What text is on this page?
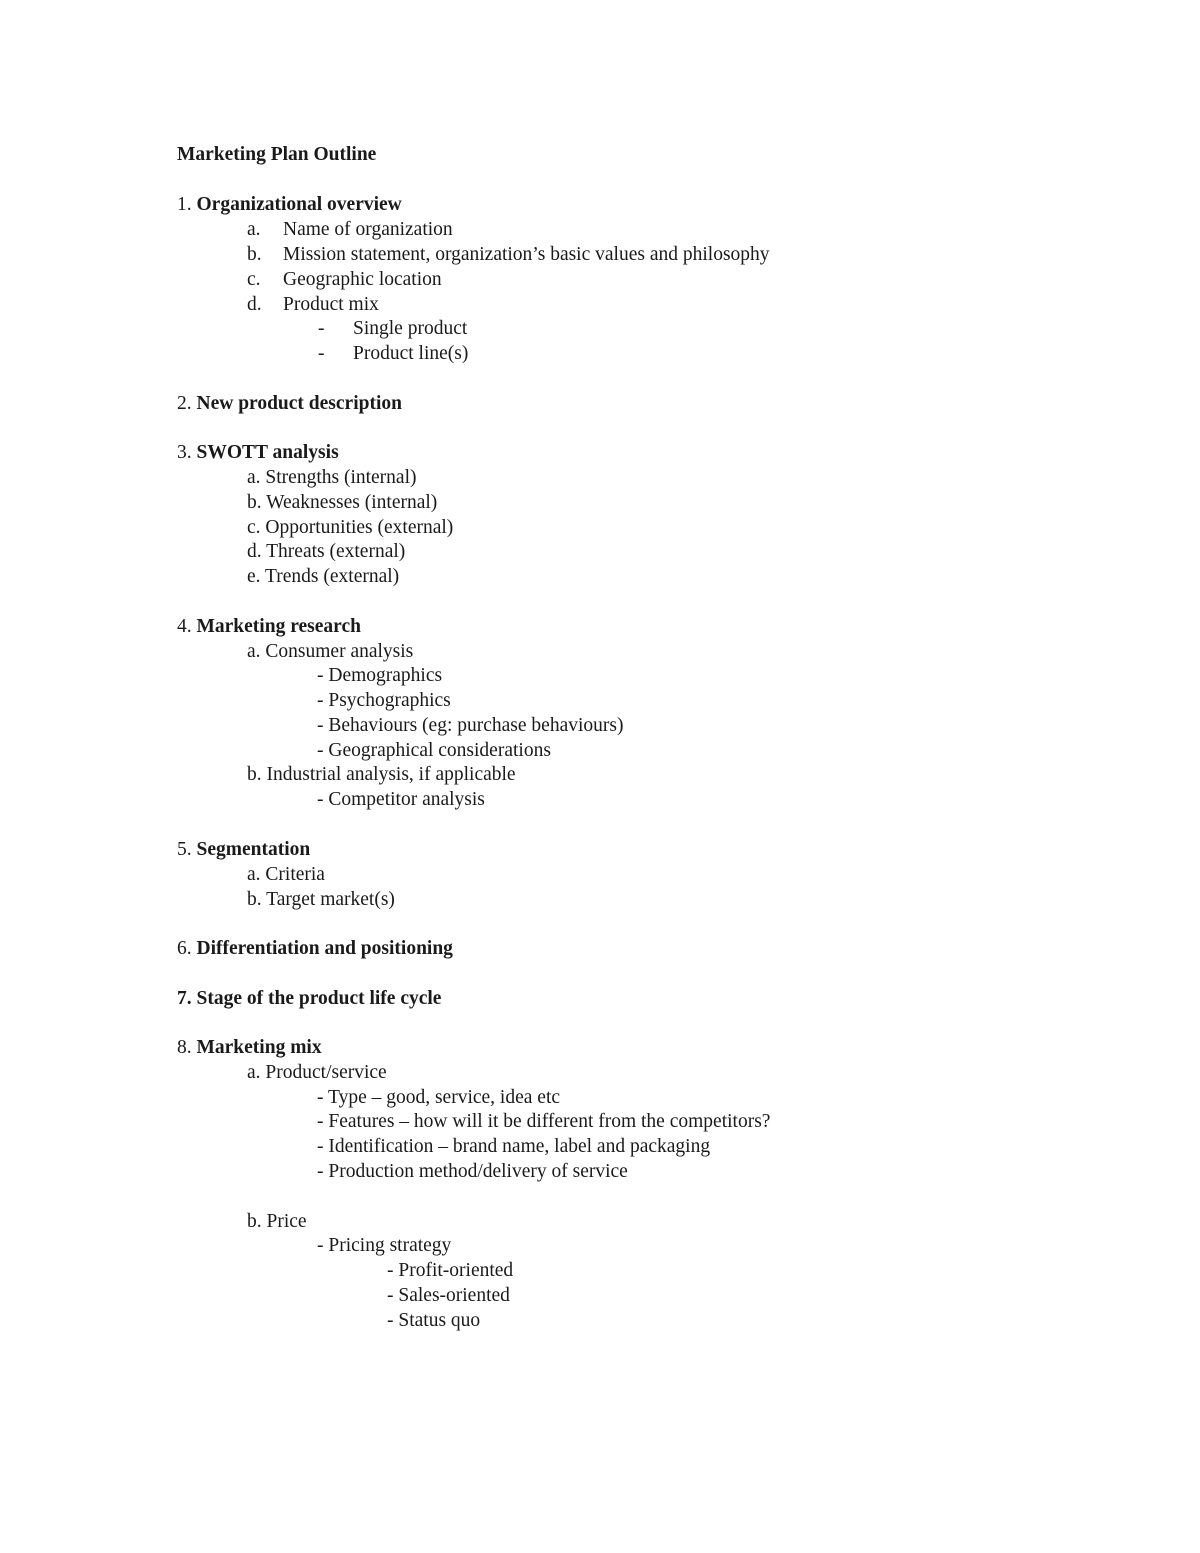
Marketing Plan Outline
1. Organizational overview
a. Name of organization
b. Mission statement, organization’s basic values and philosophy
c. Geographic location
d. Product mix
- Single product
- Product line(s)
2. New product description
3. SWOTT analysis
a. Strengths (internal)
b. Weaknesses (internal)
c. Opportunities (external)
d. Threats (external)
e. Trends (external)
4. Marketing research
a. Consumer analysis
- Demographics
- Psychographics
- Behaviours (eg: purchase behaviours)
- Geographical considerations
b. Industrial analysis, if applicable
- Competitor analysis
5. Segmentation
a. Criteria
b. Target market(s)
6. Differentiation and positioning
7. Stage of the product life cycle
8. Marketing mix
a. Product/service
- Type – good, service, idea etc
- Features – how will it be different from the competitors?
- Identification – brand name, label and packaging
- Production method/delivery of service
b. Price
- Pricing strategy
- Profit-oriented
- Sales-oriented
- Status quo
